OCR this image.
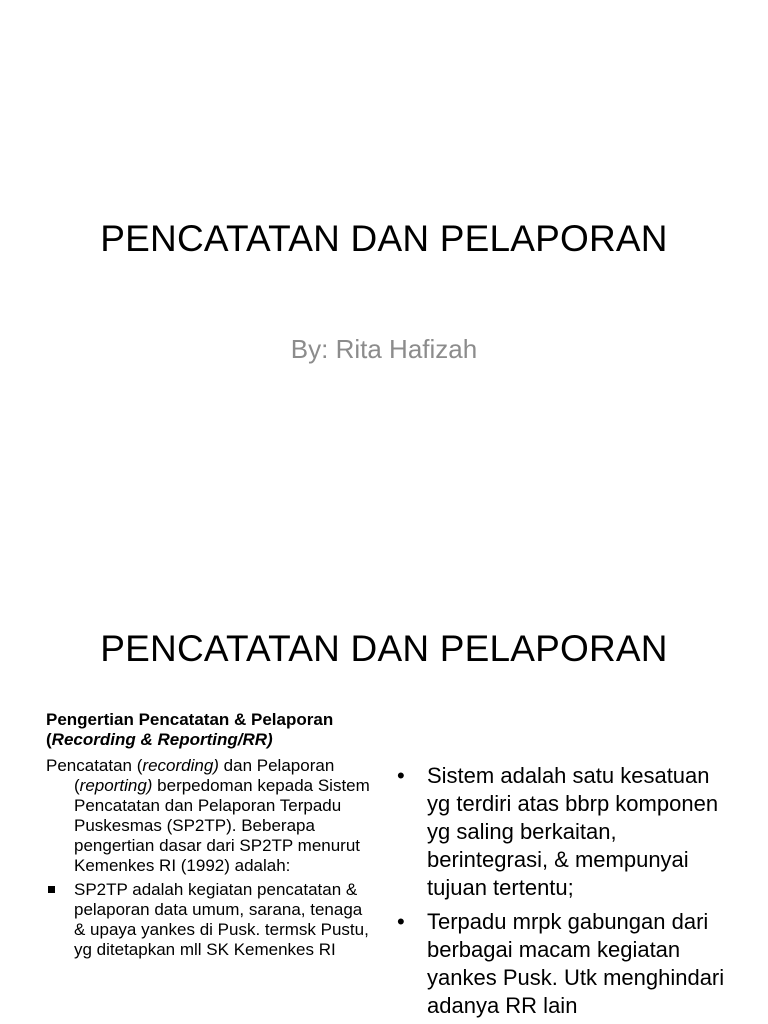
PENCATATAN DAN PELAPORAN
By: Rita Hafizah
PENCATATAN DAN PELAPORAN
Pengertian Pencatatan & Pelaporan
(Recording & Reporting/RR)

Pencatatan (recording) dan Pelaporan (reporting) berpedoman kepada Sistem Pencatatan dan Pelaporan Terpadu Puskesmas (SP2TP). Beberapa pengertian dasar dari SP2TP menurut Kemenkes RI (1992) adalah:

SP2TP adalah kegiatan pencatatan & pelaporan data umum, sarana, tenaga & upaya yankes di Pusk. termsk Pustu, yg ditetapkan mll SK Kemenkes RI
• Sistem adalah satu kesatuan yg terdiri atas bbrp komponen yg saling berkaitan, berintegrasi, & mempunyai tujuan tertentu;
• Terpadu mrpk gabungan dari berbagai macam kegiatan yankes Pusk. Utk menghindari adanya RR lain
